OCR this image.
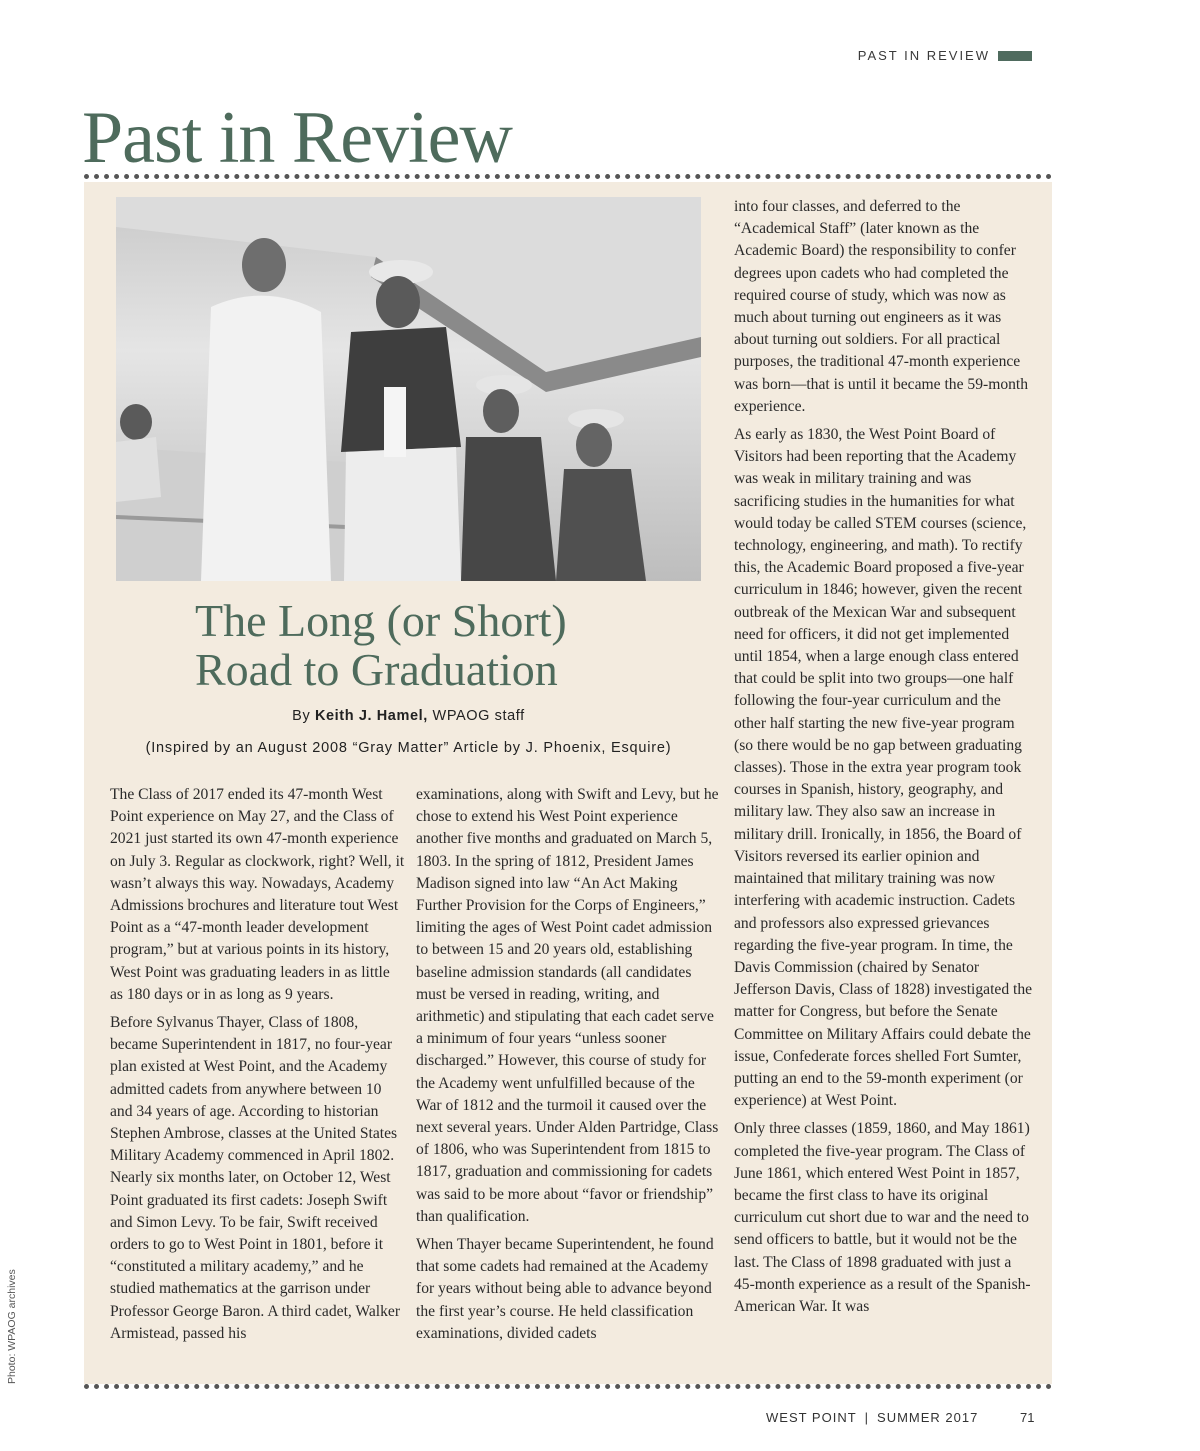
PAST IN REVIEW
Past in Review
Photo: WPAOG archives
The Long (or Short)
Road to Graduation
By Keith J. Hamel, WPAOG staff
(Inspired by an August 2008 “Gray Matter” Article by J. Phoenix, Esquire)

The Class of 2017 ended its 47-month West Point experience on May 27, and the Class of 2021 just started its own 47-month experience on July 3. Regular as clockwork, right? Well, it wasn’t always this way. Nowadays, Academy Admissions brochures and literature tout West Point as a “47-month leader development program,” but at various points in its history, West Point was graduating leaders in as little as 180 days or in as long as 9 years.

Before Sylvanus Thayer, Class of 1808, became Superintendent in 1817, no four-year plan existed at West Point, and the Academy admitted cadets from anywhere between 10 and 34 years of age. According to historian Stephen Ambrose, classes at the United States Military Academy commenced in April 1802. Nearly six months later, on October 12, West Point graduated its first cadets: Joseph Swift and Simon Levy. To be fair, Swift received orders to go to West Point in 1801, before it “constituted a military academy,” and he studied mathematics at the garrison under Professor George Baron. A third cadet, Walker Armistead, passed his

examinations, along with Swift and Levy, but he chose to extend his West Point experience another five months and graduated on March 5, 1803. In the spring of 1812, President James Madison signed into law “An Act Making Further Provision for the Corps of Engineers,” limiting the ages of West Point cadet admission to between 15 and 20 years old, establishing baseline admission standards (all candidates must be versed in reading, writing, and arithmetic) and stipulating that each cadet serve a minimum of four years “unless sooner discharged.” However, this course of study for the Academy went unfulfilled because of the War of 1812 and the turmoil it caused over the next several years. Under Alden Partridge, Class of 1806, who was Superintendent from 1815 to 1817, graduation and commissioning for cadets was said to be more about “favor or friendship” than qualification.

When Thayer became Superintendent, he found that some cadets had remained at the Academy for years without being able to advance beyond the first year’s course. He held classification examinations, divided cadets

into four classes, and deferred to the “Academical Staff” (later known as the Academic Board) the responsibility to confer degrees upon cadets who had completed the required course of study, which was now as much about turning out engineers as it was about turning out soldiers. For all practical purposes, the traditional 47-month experience was born—that is until it became the 59-month experience.

As early as 1830, the West Point Board of Visitors had been reporting that the Academy was weak in military training and was sacrificing studies in the humanities for what would today be called STEM courses (science, technology, engineering, and math). To rectify this, the Academic Board proposed a five-year curriculum in 1846; however, given the recent outbreak of the Mexican War and subsequent need for officers, it did not get implemented until 1854, when a large enough class entered that could be split into two groups—one half following the four-year curriculum and the other half starting the new five-year program (so there would be no gap between graduating classes). Those in the extra year program took courses in Spanish, history, geography, and military law. They also saw an increase in military drill. Ironically, in 1856, the Board of Visitors reversed its earlier opinion and maintained that military training was now interfering with academic instruction. Cadets and professors also expressed grievances regarding the five-year program. In time, the Davis Commission (chaired by Senator Jefferson Davis, Class of 1828) investigated the matter for Congress, but before the Senate Committee on Military Affairs could debate the issue, Confederate forces shelled Fort Sumter, putting an end to the 59-month experiment (or experience) at West Point.

Only three classes (1859, 1860, and May 1861) completed the five-year program. The Class of June 1861, which entered West Point in 1857, became the first class to have its original curriculum cut short due to war and the need to send officers to battle, but it would not be the last. The Class of 1898 graduated with just a 45-month experience as a result of the Spanish-American War. It was

WEST POINT | SUMMER 2017	71
